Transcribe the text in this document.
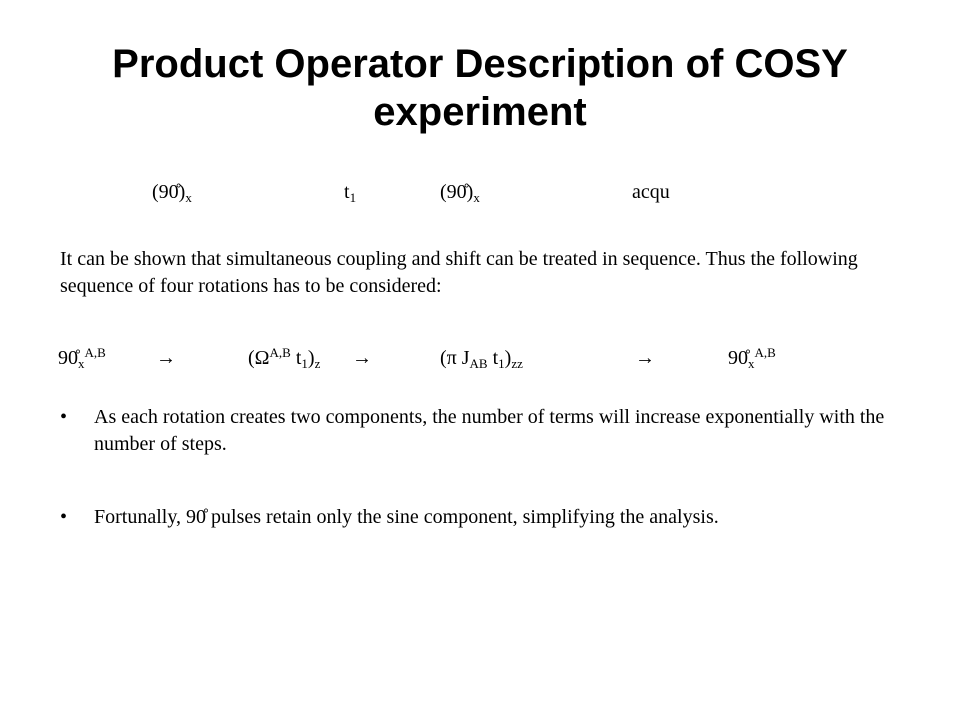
Product Operator Description of COSY experiment
$(90̊)_x$	$t_1$	$(90̊)_x$	acqu
It can be shown that simultaneous coupling and shift can be treated in sequence. Thus the following sequence of four rotations has to be considered:
$90̊_x^{A,B}$	→	($\Omega^{A,B}$ $t_1)_z$ →	(π $J_{AB}$ $t_1)_{zz}$	→	$90̊_x^{A,B}$
• As each rotation creates two components, the number of terms will increase exponentially with the number of steps.
• Fortunally, 90̊ pulses retain only the sine component, simplifying the analysis.
